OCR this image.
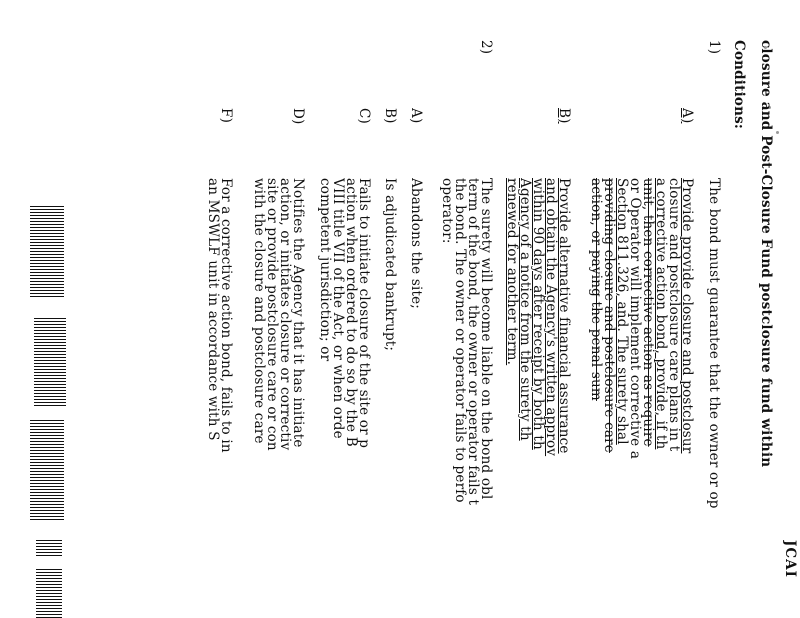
JCAI
closure and Post-Closure Fund postclosure fund within
Conditions:
1)
The bond must guarantee that the owner or op
A)
Provide provide closure and postclosur
closure and postclosure care plans in t
a corrective action bond, provide, if th
unit, then corrective action as require
or Operator will implement corrective a
Section 811.326, and. The surety shal
providing closure and postclosure care
action, or paying the penal sum
B)
Provide alternative financial assurance
and obtain the Agency's written approv
within 90 days after receipt by both th
Agency of a notice from the surety th
renewed for another term.
2)
The surety will become liable on the bond obl
term of the bond, the owner or operator fails t
the bond. The owner or operator fails to perfo
operator:
A)
Abandons the site;
B)
Is adjudicated bankrupt;
C)
Fails to initiate closure of the site or p
action when ordered to do so by the B
VIII title VII of the Act, or when orde
competent jurisdiction; or
D)
Notifies the Agency that it has initiate
action, or initiates closure or correctiv
site or provide postclosure care or con
with the closure and postclosure care
F)
For a corrective action bond, fails to in
an MSWLF unit in accordance with S
